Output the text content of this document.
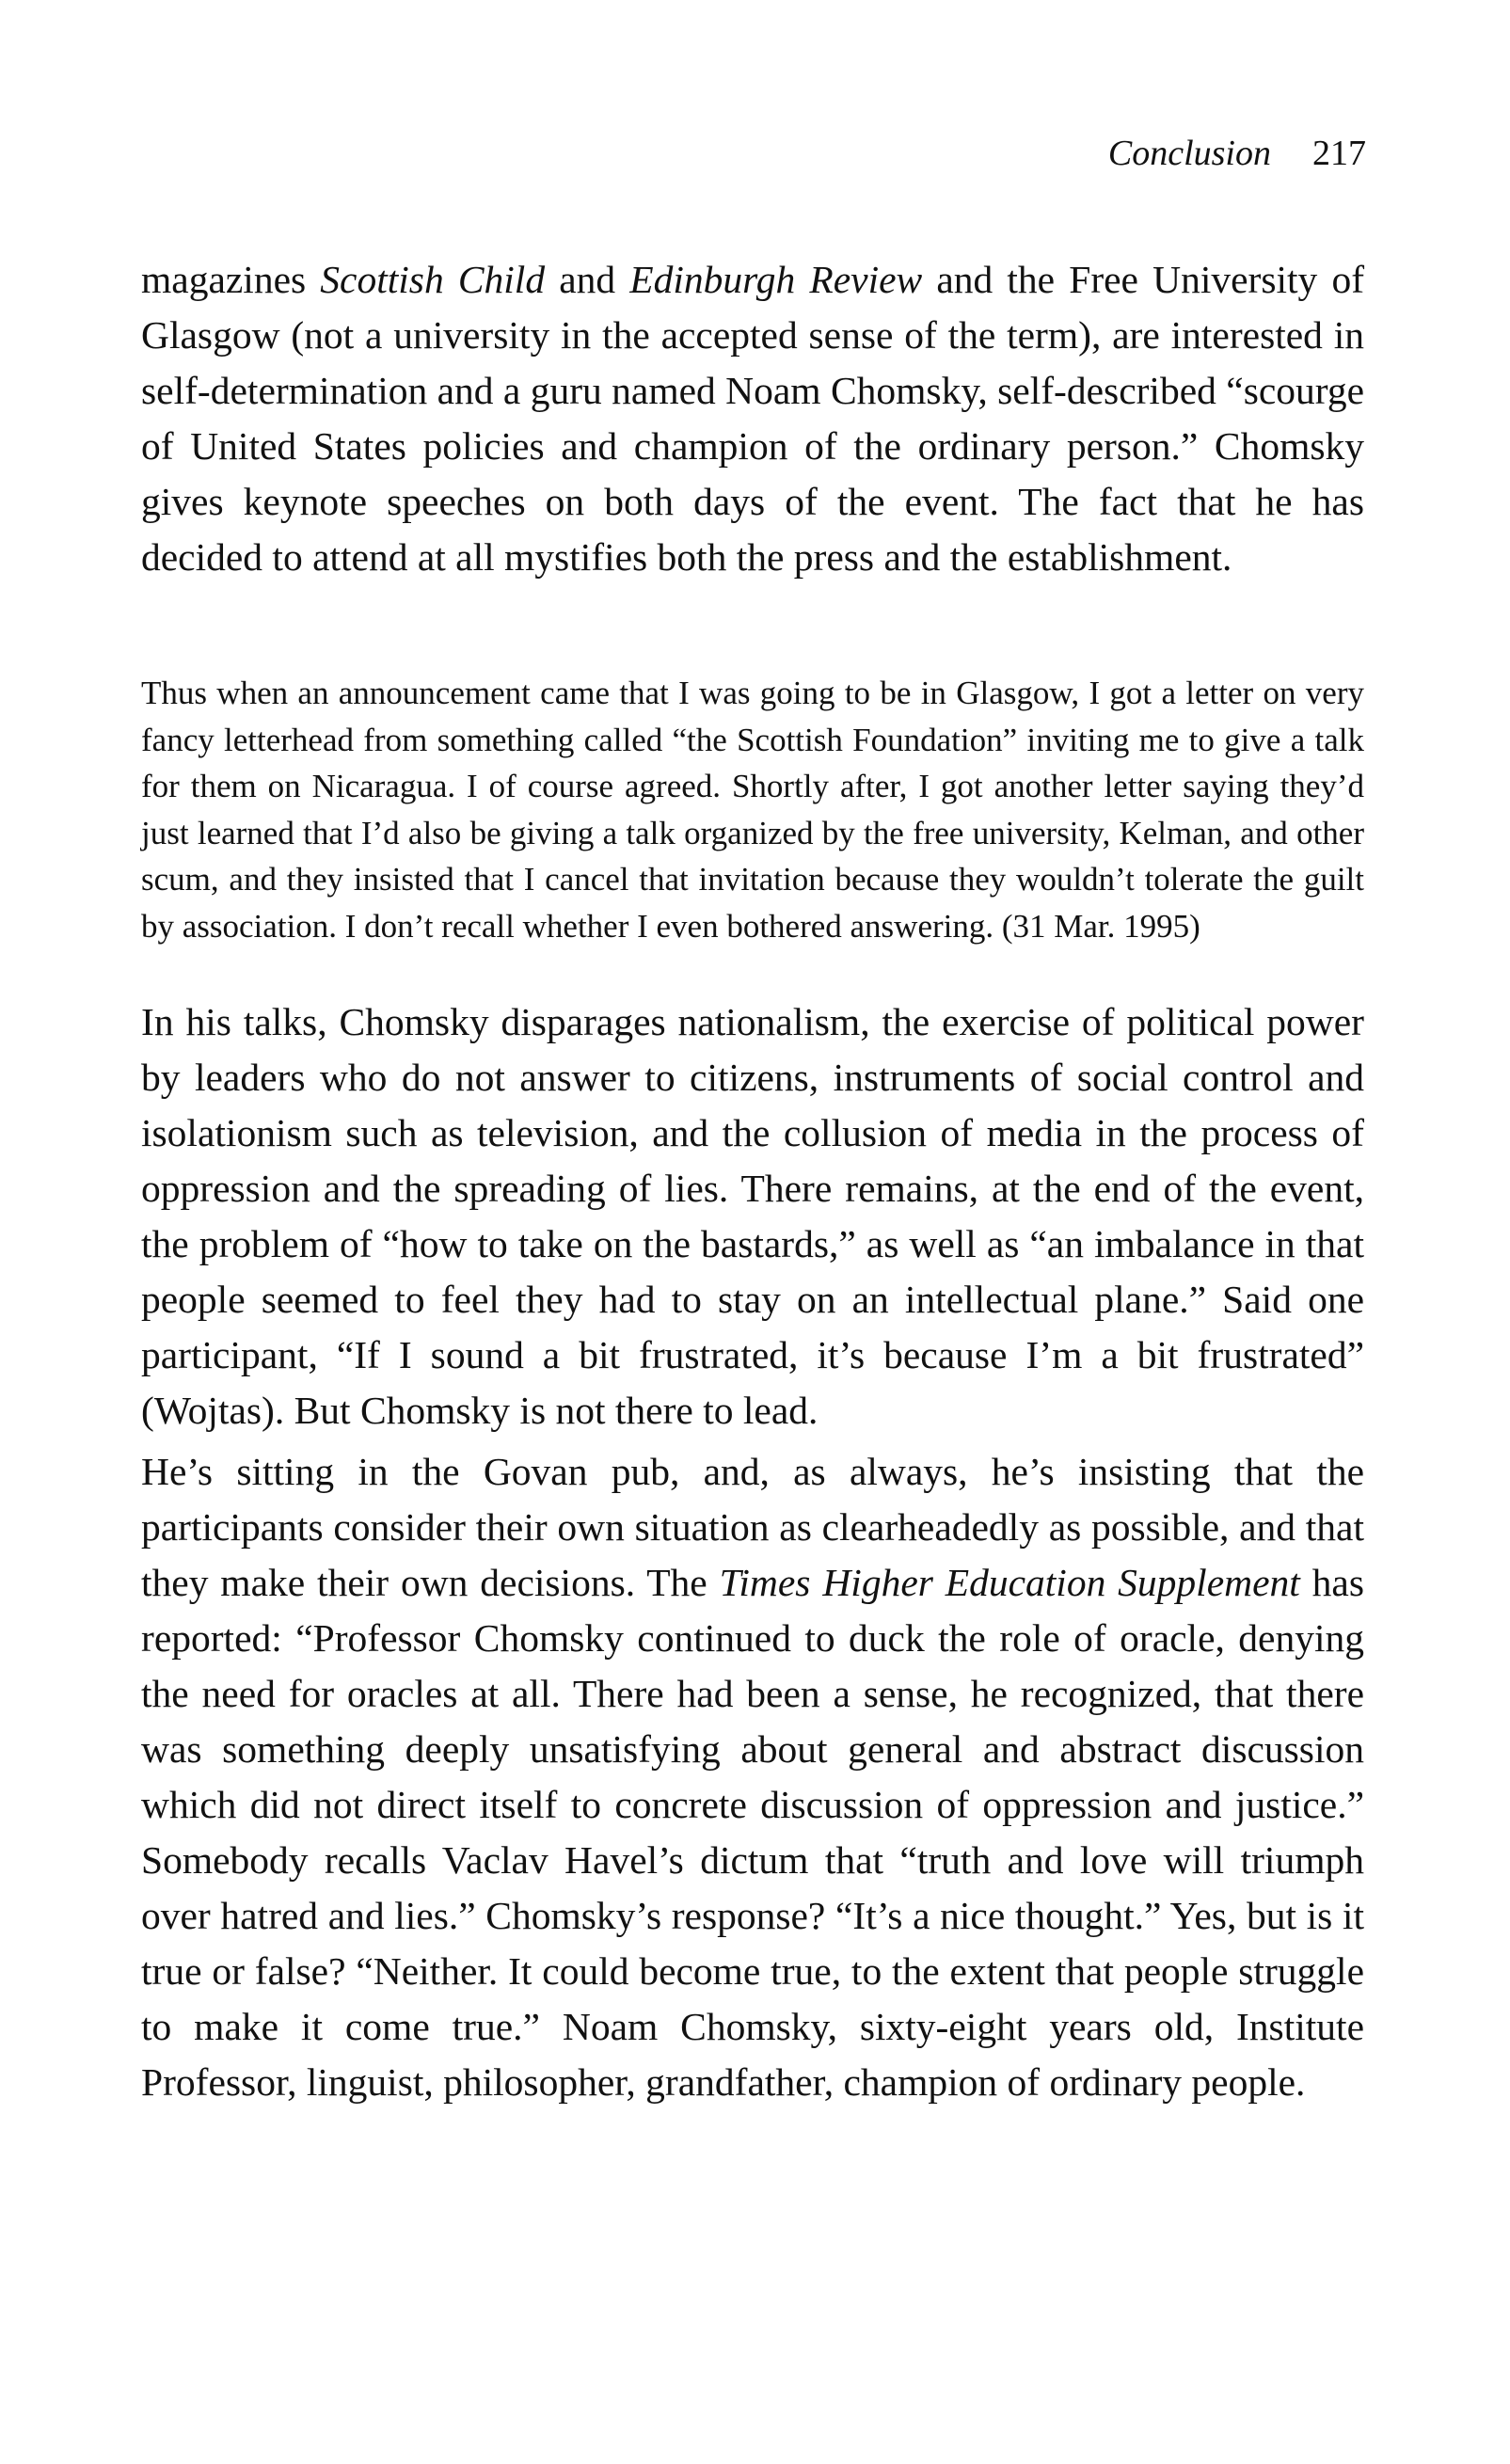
Conclusion 217

magazines Scottish Child and Edinburgh Review and the Free University of Glasgow (not a university in the accepted sense of the term), are interested in self-determination and a guru named Noam Chomsky, self-described “scourge of United States policies and champion of the ordinary person.” Chomsky gives keynote speeches on both days of the event. The fact that he has decided to attend at all mystifies both the press and the establishment.

Thus when an announcement came that I was going to be in Glasgow, I got a letter on very fancy letterhead from something called “the Scottish Foundation” inviting me to give a talk for them on Nicaragua. I of course agreed. Shortly after, I got another letter saying they’d just learned that I’d also be giving a talk organized by the free university, Kelman, and other scum, and they insisted that I cancel that invitation because they wouldn’t tolerate the guilt by association. I don’t recall whether I even bothered answering. (31 Mar. 1995)

In his talks, Chomsky disparages nationalism, the exercise of political power by leaders who do not answer to citizens, instruments of social control and isolationism such as television, and the collusion of media in the process of oppression and the spreading of lies. There remains, at the end of the event, the problem of “how to take on the bastards,” as well as “an imbalance in that people seemed to feel they had to stay on an intellectual plane.” Said one participant, “If I sound a bit frustrated, it’s because I’m a bit frustrated” (Wojtas). But Chomsky is not there to lead.

He’s sitting in the Govan pub, and, as always, he’s insisting that the participants consider their own situation as clearheadedly as possible, and that they make their own decisions. The Times Higher Education Supplement has reported: “Professor Chomsky continued to duck the role of oracle, denying the need for oracles at all. There had been a sense, he recognized, that there was something deeply unsatisfying about general and abstract discussion which did not direct itself to concrete discussion of oppression and justice.” Somebody recalls Vaclav Havel’s dictum that “truth and love will triumph over hatred and lies.” Chomsky’s response? “It’s a nice thought.” Yes, but is it true or false? “Neither. It could become true, to the extent that people struggle to make it come true.” Noam Chomsky, sixty-eight years old, Institute Professor, linguist, philosopher, grandfather, champion of ordinary people.
